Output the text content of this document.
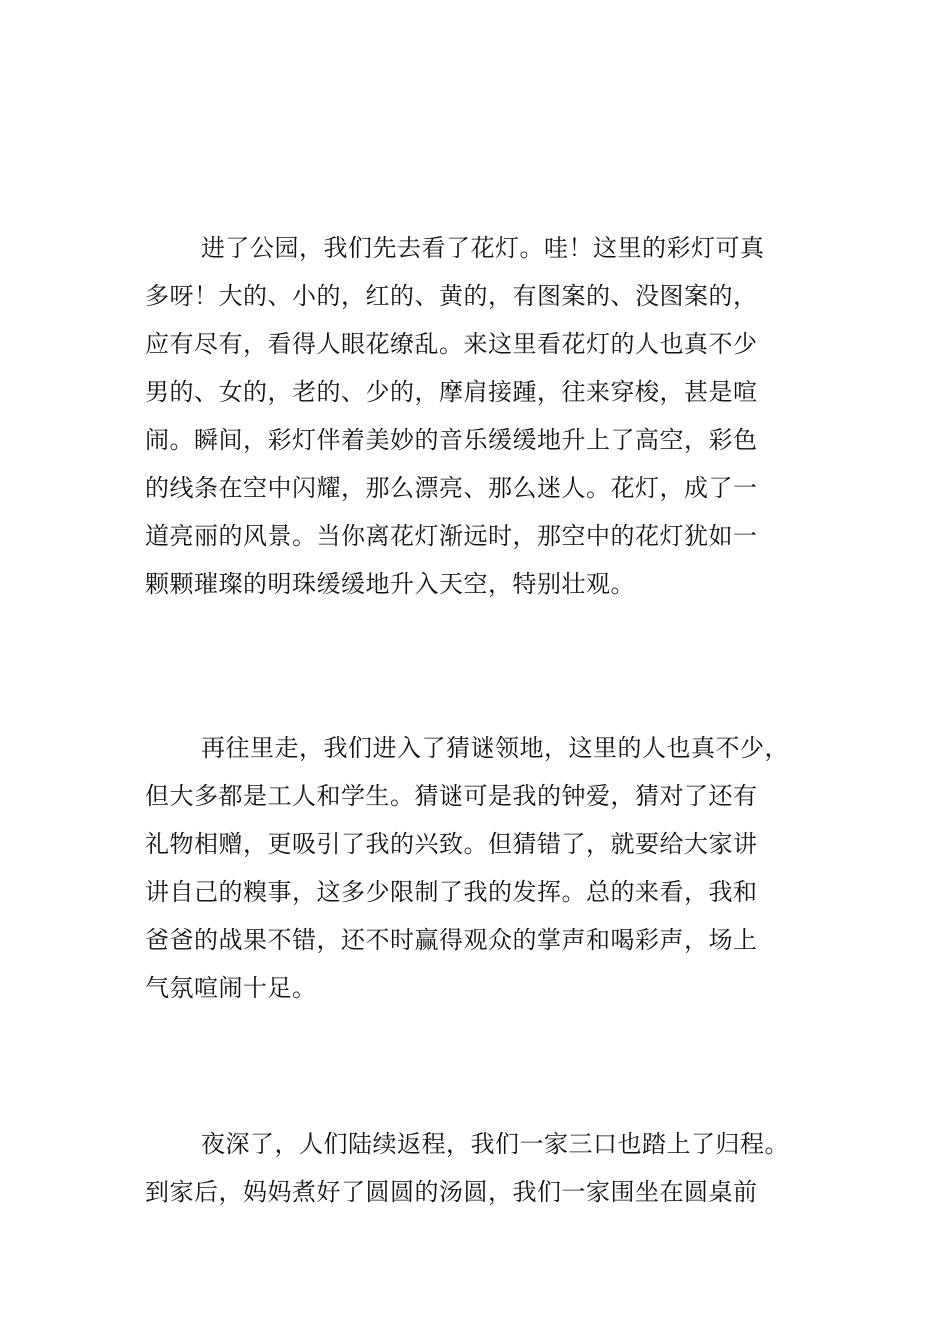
进了公园，我们先去看了花灯。哇！这里的彩灯可真
多呀！大的、小的，红的、黄的，有图案的、没图案的，
应有尽有，看得人眼花缭乱。来这里看花灯的人也真不少
男的、女的，老的、少的，摩肩接踵，往来穿梭，甚是喧
闹。瞬间，彩灯伴着美妙的音乐缓缓地升上了高空，彩色
的线条在空中闪耀，那么漂亮、那么迷人。花灯，成了一
道亮丽的风景。当你离花灯渐远时，那空中的花灯犹如一
颗颗璀璨的明珠缓缓地升入天空，特别壮观。
再往里走，我们进入了猜谜领地，这里的人也真不少，
但大多都是工人和学生。猜谜可是我的钟爱，猜对了还有
礼物相赠，更吸引了我的兴致。但猜错了，就要给大家讲
讲自己的糗事，这多少限制了我的发挥。总的来看，我和
爸爸的战果不错，还不时赢得观众的掌声和喝彩声，场上
气氛喧闹十足。
夜深了，人们陆续返程，我们一家三口也踏上了归程。
到家后，妈妈煮好了圆圆的汤圆，我们一家围坐在圆桌前
